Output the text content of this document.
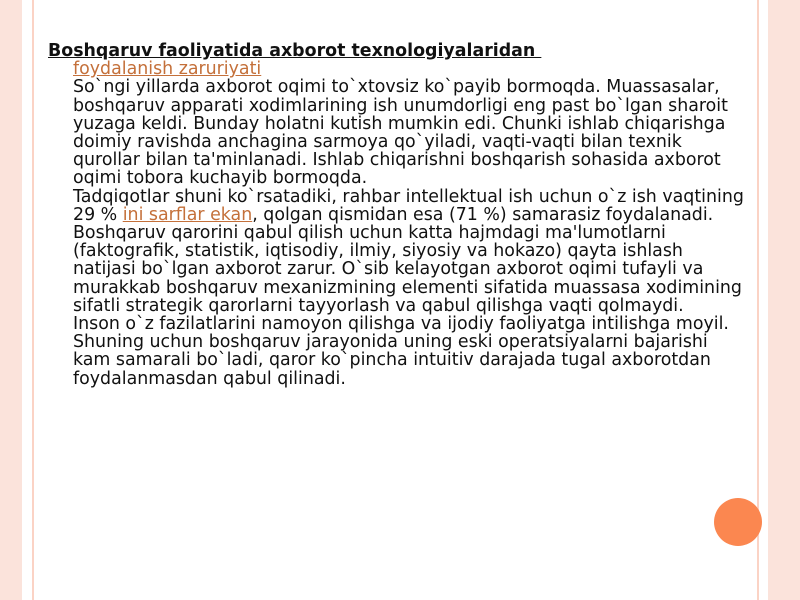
Boshqaruv faoliyatida axborot texnologiyalaridan
foydalanish zaruriyati
So`ngi yillarda axborot oqimi to`xtovsiz ko`payib bormoqda. Muassasalar, boshqaruv apparati xodimlarining ish unumdorligi eng past bo`lgan sharoit yuzaga keldi. Bunday holatni kutish mumkin edi. Chunki ishlab chiqarishga doimiy ravishda anchagina sarmoya qo`yiladi, vaqti-vaqti bilan texnik qurollar bilan ta'minlanadi. Ishlab chiqarishni boshqarish sohasida axborot oqimi tobora kuchayib bormoqda.
Tadqiqotlar shuni ko`rsatadiki, rahbar intellektual ish uchun o`z ish vaqtining 29 % ini sarflar ekan, qolgan qismidan esa (71 %) samarasiz foydalanadi. Boshqaruv qarorini qabul qilish uchun katta hajmdagi ma'lumotlarni (faktografik, statistik, iqtisodiy, ilmiy, siyosiy va hokazo) qayta ishlash natijasi bo`lgan axborot zarur. O`sib kelayotgan axborot oqimi tufayli va murakkab boshqaruv mexanizmining elementi sifatida muassasa xodimining sifatli strategik qarorlarni tayyorlash va qabul qilishga vaqti qolmaydi.
Inson o`z fazilatlarini namoyon qilishga va ijodiy faoliyatga intilishga moyil. Shuning uchun boshqaruv jarayonida uning eski operatsiyalarni bajarishi kam samarali bo`ladi, qaror ko`pincha intuitiv darajada tugal axborotdan foydalanmasdan qabul qilinadi.
